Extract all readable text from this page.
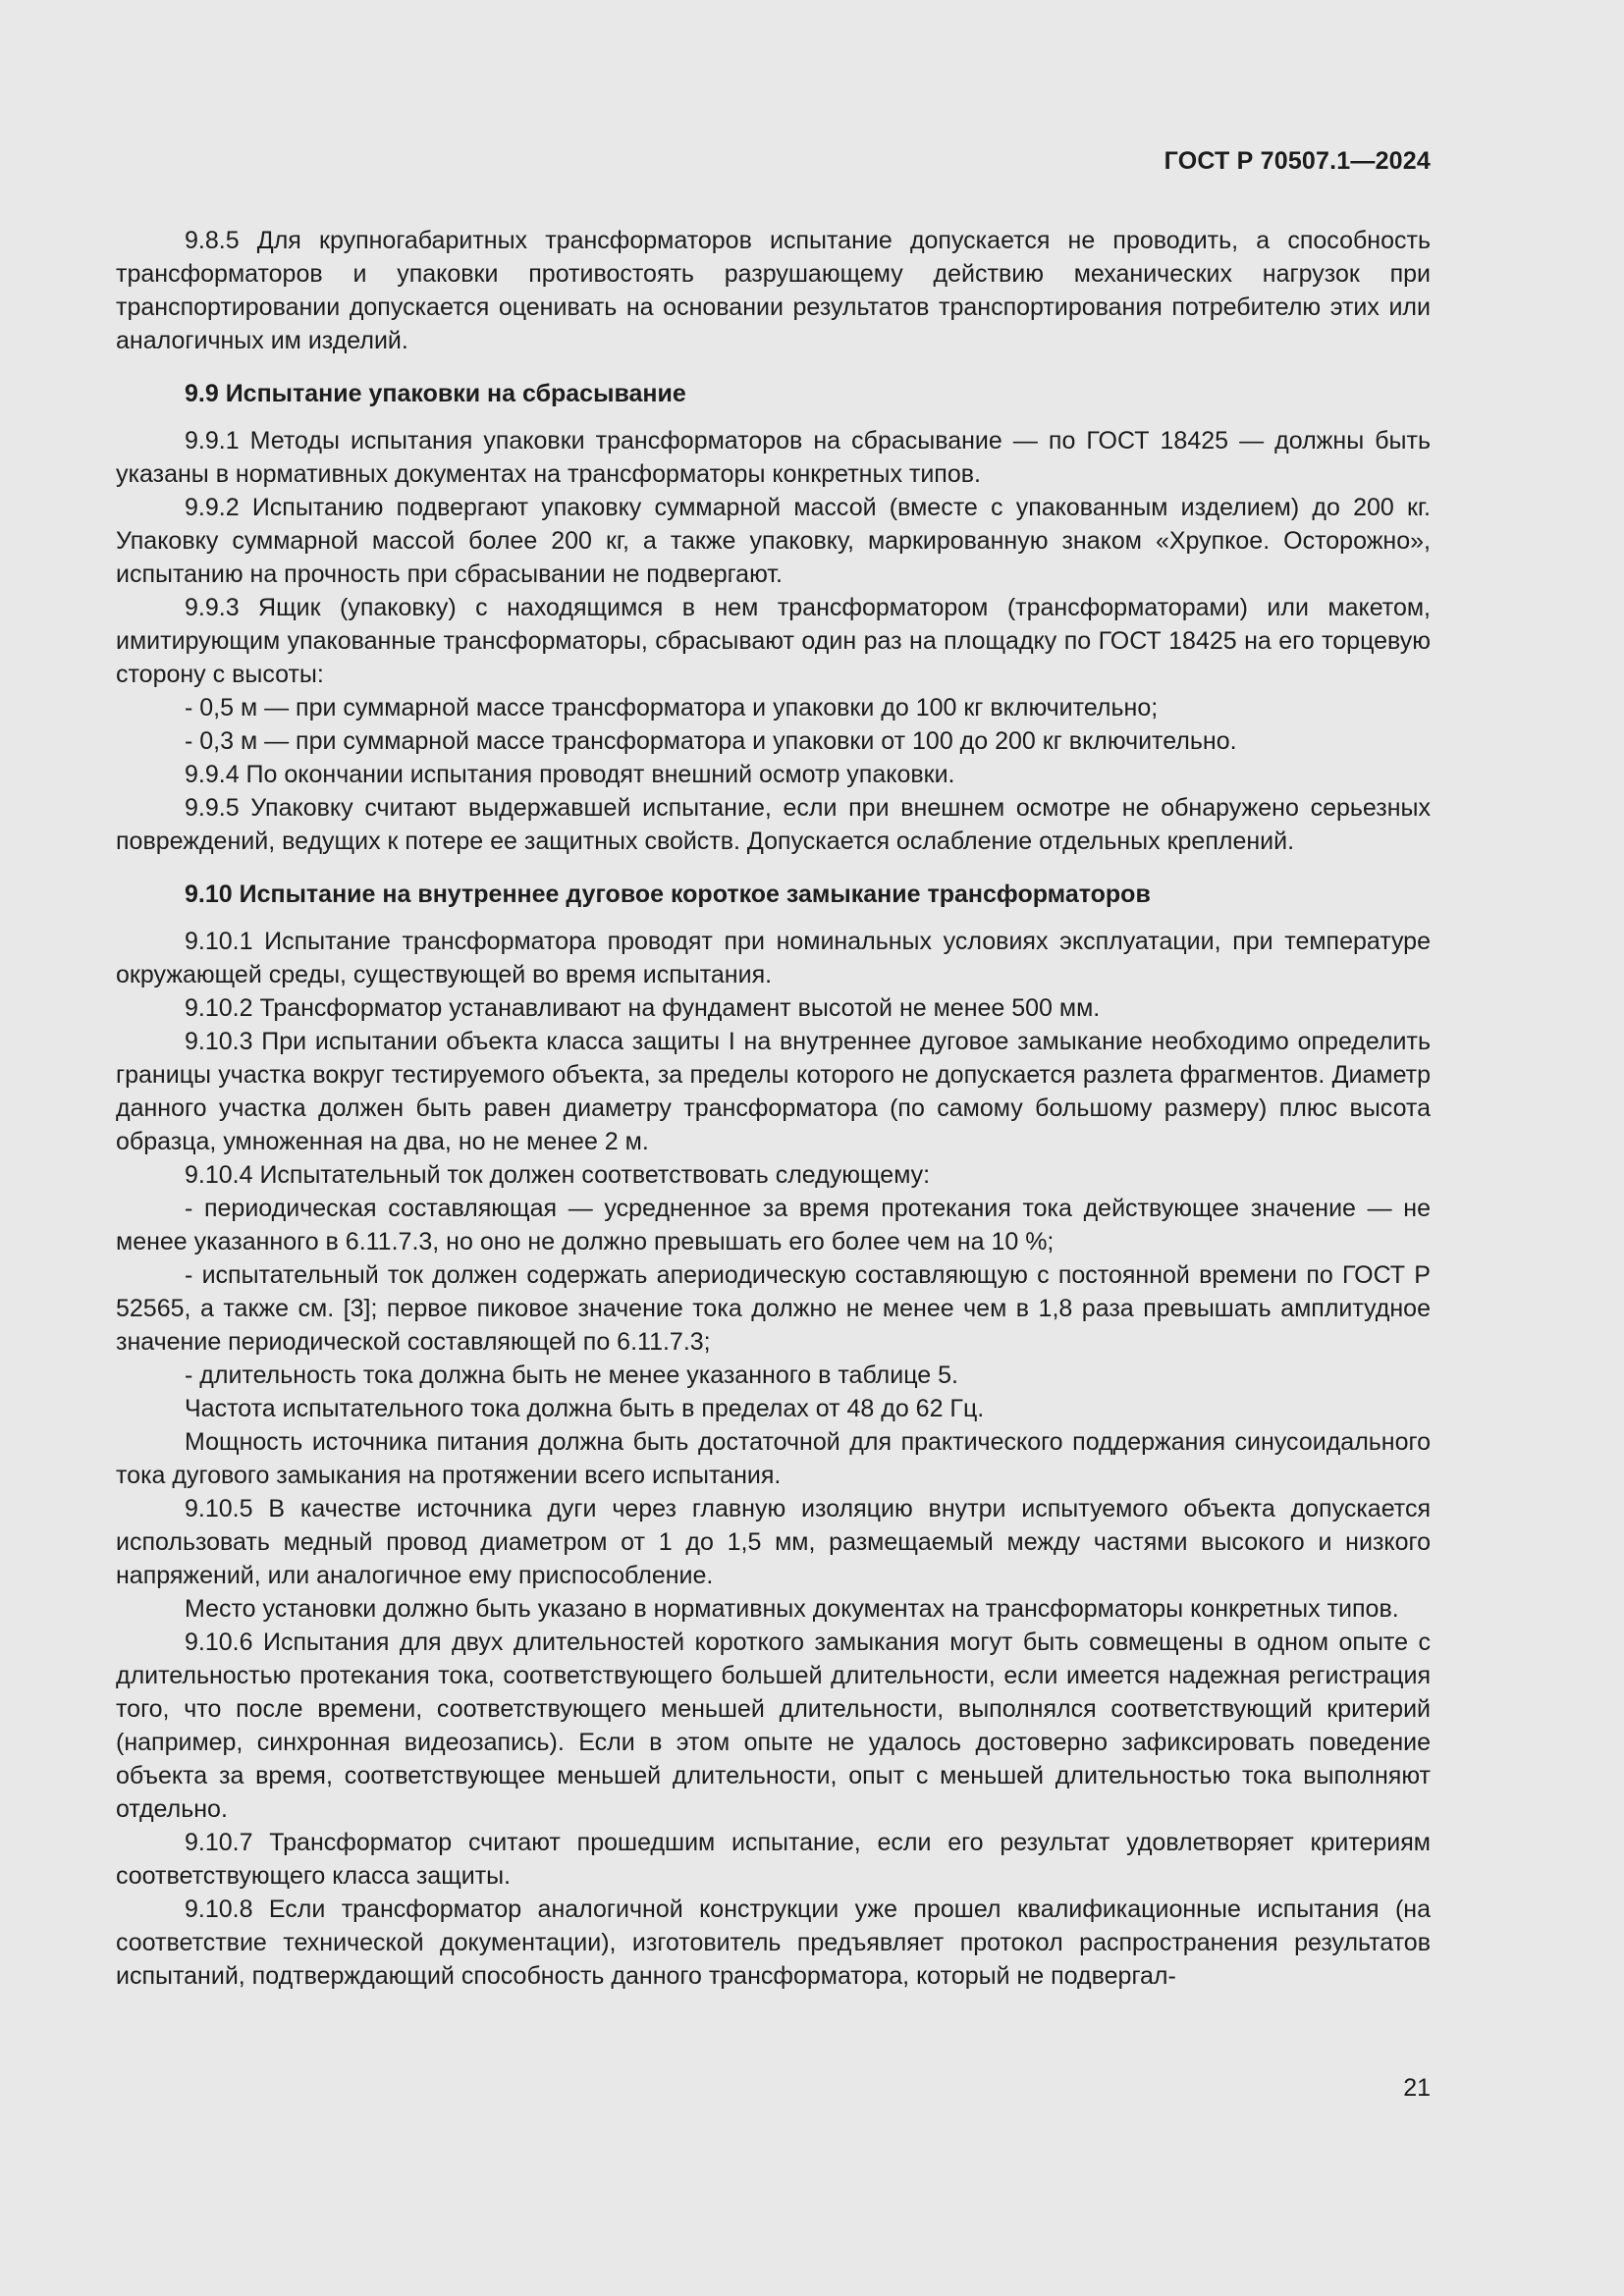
ГОСТ Р 70507.1—2024

9.8.5 Для крупногабаритных трансформаторов испытание допускается не проводить, а способность трансформаторов и упаковки противостоять разрушающему действию механических нагрузок при транспортировании допускается оценивать на основании результатов транспортирования потребителю этих или аналогичных им изделий.

9.9 Испытание упаковки на сбрасывание

9.9.1 Методы испытания упаковки трансформаторов на сбрасывание — по ГОСТ 18425 — должны быть указаны в нормативных документах на трансформаторы конкретных типов.

9.9.2 Испытанию подвергают упаковку суммарной массой (вместе с упакованным изделием) до 200 кг. Упаковку суммарной массой более 200 кг, а также упаковку, маркированную знаком «Хрупкое. Осторожно», испытанию на прочность при сбрасывании не подвергают.

9.9.3 Ящик (упаковку) с находящимся в нем трансформатором (трансформаторами) или макетом, имитирующим упакованные трансформаторы, сбрасывают один раз на площадку по ГОСТ 18425 на его торцевую сторону с высоты:

- 0,5 м — при суммарной массе трансформатора и упаковки до 100 кг включительно;

- 0,3 м — при суммарной массе трансформатора и упаковки от 100 до 200 кг включительно.

9.9.4 По окончании испытания проводят внешний осмотр упаковки.

9.9.5 Упаковку считают выдержавшей испытание, если при внешнем осмотре не обнаружено серьезных повреждений, ведущих к потере ее защитных свойств. Допускается ослабление отдельных креплений.

9.10 Испытание на внутреннее дуговое короткое замыкание трансформаторов

9.10.1 Испытание трансформатора проводят при номинальных условиях эксплуатации, при температуре окружающей среды, существующей во время испытания.

9.10.2 Трансформатор устанавливают на фундамент высотой не менее 500 мм.

9.10.3 При испытании объекта класса защиты I на внутреннее дуговое замыкание необходимо определить границы участка вокруг тестируемого объекта, за пределы которого не допускается разлета фрагментов. Диаметр данного участка должен быть равен диаметру трансформатора (по самому большому размеру) плюс высота образца, умноженная на два, но не менее 2 м.

9.10.4 Испытательный ток должен соответствовать следующему:

- периодическая составляющая — усредненное за время протекания тока действующее значение — не менее указанного в 6.11.7.3, но оно не должно превышать его более чем на 10 %;

- испытательный ток должен содержать апериодическую составляющую с постоянной времени по ГОСТ Р 52565, а также см. [3]; первое пиковое значение тока должно не менее чем в 1,8 раза превышать амплитудное значение периодической составляющей по 6.11.7.3;

- длительность тока должна быть не менее указанного в таблице 5.

Частота испытательного тока должна быть в пределах от 48 до 62 Гц.

Мощность источника питания должна быть достаточной для практического поддержания синусоидального тока дугового замыкания на протяжении всего испытания.

9.10.5 В качестве источника дуги через главную изоляцию внутри испытуемого объекта допускается использовать медный провод диаметром от 1 до 1,5 мм, размещаемый между частями высокого и низкого напряжений, или аналогичное ему приспособление.

Место установки должно быть указано в нормативных документах на трансформаторы конкретных типов.

9.10.6 Испытания для двух длительностей короткого замыкания могут быть совмещены в одном опыте с длительностью протекания тока, соответствующего большей длительности, если имеется надежная регистрация того, что после времени, соответствующего меньшей длительности, выполнялся соответствующий критерий (например, синхронная видеозапись). Если в этом опыте не удалось достоверно зафиксировать поведение объекта за время, соответствующее меньшей длительности, опыт с меньшей длительностью тока выполняют отдельно.

9.10.7 Трансформатор считают прошедшим испытание, если его результат удовлетворяет критериям соответствующего класса защиты.

9.10.8 Если трансформатор аналогичной конструкции уже прошел квалификационные испытания (на соответствие технической документации), изготовитель предъявляет протокол распространения результатов испытаний, подтверждающий способность данного трансформатора, который не подвергал-

21
